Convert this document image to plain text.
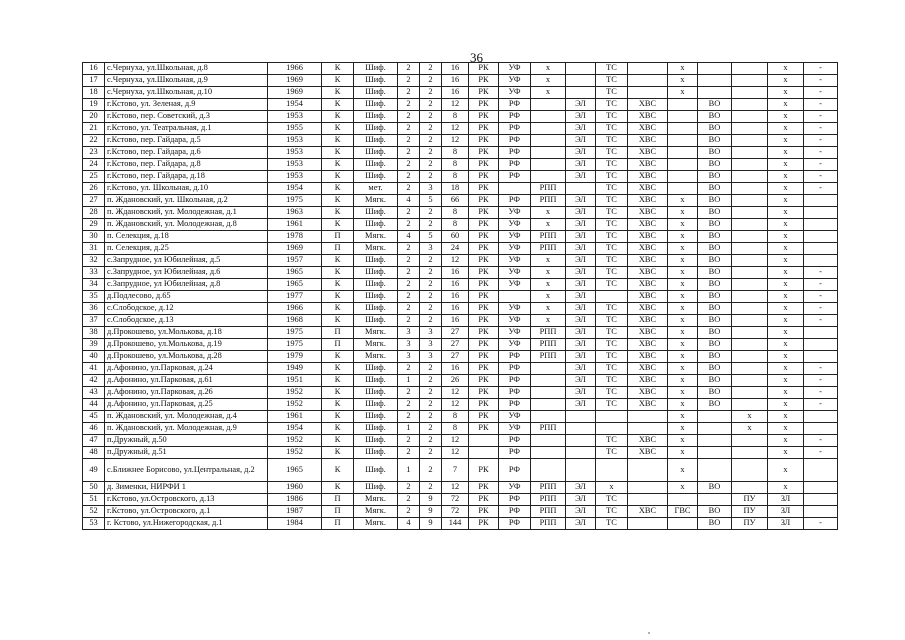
36
16	с.Чернуха, ул.Школьная, д.8	1966	К	Шиф.	2	2	16	РК	УФ	х		ТС		х			х	-
17	с.Чернуха, ул.Школьная, д.9	1969	К	Шиф.	2	2	16	РК	УФ	х		ТС		х			х	-
18	с.Чернуха, ул.Школьная, д.10	1969	К	Шиф.	2	2	16	РК	УФ	х		ТС		х			х	-
19	г.Кстово, ул. Зеленая, д.9	1954	К	Шиф.	2	2	12	РК	РФ		ЭЛ	ТС	ХВС		ВО		х	-
20	г.Кстово, пер. Советский, д.3	1953	К	Шиф.	2	2	8	РК	РФ		ЭЛ	ТС	ХВС		ВО		х	-
21	г.Кстово, ул. Театральная, д.1	1955	К	Шиф.	2	2	12	РК	РФ		ЭЛ	ТС	ХВС		ВО		х	-
22	г.Кстово, пер. Гайдара, д.5	1953	К	Шиф.	2	2	12	РК	РФ		ЭЛ	ТС	ХВС		ВО		х	-
23	г.Кстово, пер. Гайдара, д.6	1953	К	Шиф.	2	2	8	РК	РФ		ЭЛ	ТС	ХВС		ВО		х	-
24	г.Кстово, пер. Гайдара, д.8	1953	К	Шиф.	2	2	8	РК	РФ		ЭЛ	ТС	ХВС		ВО		х	-
25	г.Кстово, пер. Гайдара, д.18	1953	К	Шиф.	2	2	8	РК	РФ		ЭЛ	ТС	ХВС		ВО		х	-
26	г.Кстово, ул. Школьная, д.10	1954	К	мет.	2	3	18	РК		РПП		ТС	ХВС		ВО		х	-
27	п. Ждановский, ул. Школьная, д.2	1975	К	Мягк.	4	5	66	РК	РФ	РПП	ЭЛ	ТС	ХВС	х	ВО		х	
28	п. Ждановский, ул. Молодежная, д.1	1963	К	Шиф.	2	2	8	РК	УФ	х	ЭЛ	ТС	ХВС	х	ВО		х	
29	п. Ждановский, ул. Молодежная, д.8	1961	К	Шиф.	2	2	8	РК	УФ	х	ЭЛ	ТС	ХВС	х	ВО		х	
30	п. Селекция, д.18	1978	П	Мягк.	4	5	60	РК	УФ	РПП	ЭЛ	ТС	ХВС	х	ВО		х	
31	п. Селекция, д.25	1969	П	Мягк.	2	3	24	РК	УФ	РПП	ЭЛ	ТС	ХВС	х	ВО		х	
32	с.Запрудное, ул Юбилейная, д.5	1957	К	Шиф.	2	2	12	РК	УФ	х	ЭЛ	ТС	ХВС	х	ВО		х	
33	с.Запрудное, ул Юбилейная, д.6	1965	К	Шиф.	2	2	16	РК	УФ	х	ЭЛ	ТС	ХВС	х	ВО		х	-
34	с.Запрудное, ул Юбилейная, д.8	1965	К	Шиф.	2	2	16	РК	УФ	х	ЭЛ	ТС	ХВС	х	ВО		х	-
35	д.Подлесово, д.65	1977	К	Шиф.	2	2	16	РК		х	ЭЛ		ХВС	х	ВО		х	-
36	с.Слободское, д.12	1966	К	Шиф.	2	2	16	РК	УФ	х	ЭЛ	ТС	ХВС	х	ВО		х	-
37	с.Слободское, д.13	1968	К	Шиф.	2	2	16	РК	УФ	х	ЭЛ	ТС	ХВС	х	ВО		х	-
38	д.Прокошево, ул.Молькова, д.18	1975	П	Мягк.	3	3	27	РК	УФ	РПП	ЭЛ	ТС	ХВС	х	ВО		х	
39	д.Прокошево, ул.Молькова, д.19	1975	П	Мягк.	3	3	27	РК	УФ	РПП	ЭЛ	ТС	ХВС	х	ВО		х	
40	д.Прокошево, ул.Молькова, д.28	1979	К	Мягк.	3	3	27	РК	РФ	РПП	ЭЛ	ТС	ХВС	х	ВО		х	
41	д.Афонино, ул.Парковая, д.24	1949	К	Шиф.	2	2	16	РК	РФ		ЭЛ	ТС	ХВС	х	ВО		х	-
42	д.Афонино, ул.Парковая, д.61	1951	К	Шиф.	1	2	26	РК	РФ		ЭЛ	ТС	ХВС	х	ВО		х	-
43	д.Афонино, ул.Парковая, д.26	1952	К	Шиф.	2	2	12	РК	РФ		ЭЛ	ТС	ХВС	х	ВО		х	-
44	д.Афонино, ул.Парковая, д.25	1952	К	Шиф.	2	2	12	РК	РФ		ЭЛ	ТС	ХВС	х	ВО		х	-
45	п. Ждановский, ул. Молодежная, д.4	1961	К	Шиф.	2	2	8	РК	УФ					х		х	х	
46	п. Ждановский, ул. Молодежная, д.9	1954	К	Шиф.	1	2	8	РК	УФ	РПП				х		х	х	
47	п.Дружный, д.50	1952	К	Шиф.	2	2	12		РФ			ТС	ХВС	х			х	-
48	п.Дружный, д.51	1952	К	Шиф.	2	2	12		РФ			ТС	ХВС	х			х	-
49	с.Ближнее Борисово, ул.Центральная, д.2	1965	К	Шиф.	1	2	7	РК	РФ					х			х	
50	д. Зименки, НИРФИ 1	1960	К	Шиф.	2	2	12	РК	УФ	РПП	ЭЛ	х		х	ВО		х	
51	г.Кстово, ул.Островского, д.13	1986	П	Мягк.	2	9	72	РК	РФ	РПП	ЭЛ	ТС				ПУ	ЗЛ	
52	г.Кстово, ул.Островского, д.1	1987	П	Мягк.	2	9	72	РК	РФ	РПП	ЭЛ	ТС	ХВС	ГВС	ВО	ПУ	ЗЛ	
53	г. Кстово, ул.Нижегородская, д.1	1984	П	Мягк.	4	9	144	РК	РФ	РПП	ЭЛ	ТС			ВО	ПУ	ЗЛ	-
